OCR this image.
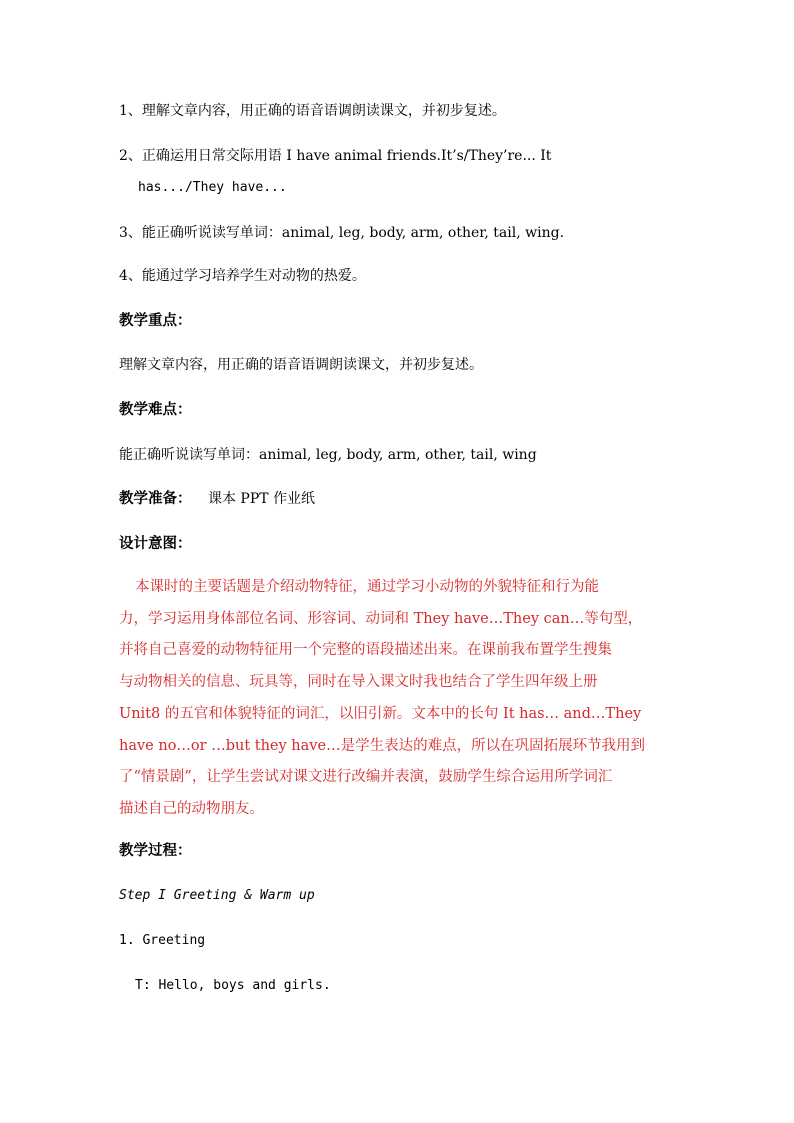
1、理解文章内容，用正确的语音语调朗读课文，并初步复述。
2、正确运用日常交际用语 I have animal friends.It’s/They’re... It
has.../They have...
3、能正确听说读写单词：animal, leg, body, arm, other, tail, wing.
4、能通过学习培养学生对动物的热爱。
教学重点：
理解文章内容，用正确的语音语调朗读课文，并初步复述。
教学难点：
能正确听说读写单词：animal, leg, body, arm, other, tail, wing
教学准备： 课本 PPT 作业纸
设计意图：
本课时的主要话题是介绍动物特征，通过学习小动物的外貌特征和行为能
力，学习运用身体部位名词、形容词、动词和 They have…They can…等句型，
并将自己喜爱的动物特征用一个完整的语段描述出来。在课前我布置学生搜集
与动物相关的信息、玩具等，同时在导入课文时我也结合了学生四年级上册
Unit8 的五官和体貌特征的词汇，以旧引新。文本中的长句 It has… and…They
have no…or …but they have…是学生表达的难点，所以在巩固拓展环节我用到
了“情景剧”，让学生尝试对课文进行改编并表演，鼓励学生综合运用所学词汇
描述自己的动物朋友。
教学过程：
Step I Greeting & Warm up
1. Greeting
T: Hello, boys and girls.
